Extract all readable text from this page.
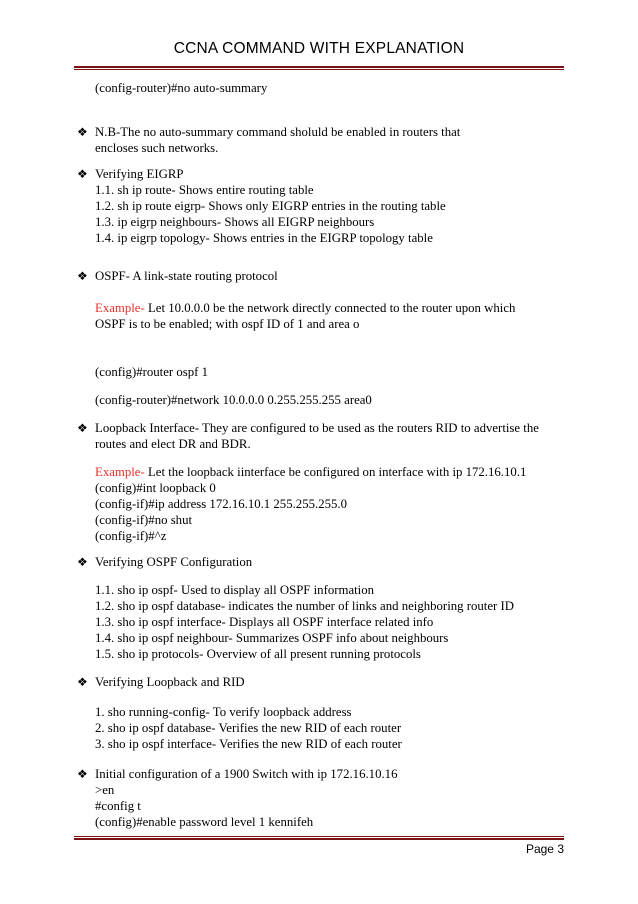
CCNA COMMAND WITH EXPLANATION
(config-router)#no auto-summary
❖ N.B-The no auto-summary command sholuld be enabled in routers that
encloses such networks.
❖ Verifying EIGRP
1.1. sh ip route- Shows entire routing table
1.2. sh ip route eigrp- Shows only EIGRP entries in the routing table
1.3. ip eigrp neighbours- Shows all EIGRP neighbours
1.4. ip eigrp topology- Shows entries in the EIGRP topology table
❖ OSPF- A link-state routing protocol
Example- Let 10.0.0.0 be the network directly connected to the router upon which
OSPF is to be enabled; with ospf ID of 1 and area o
(config)#router ospf 1
(config-router)#network 10.0.0.0 0.255.255.255 area0
❖ Loopback Interface- They are configured to be used as the routers RID to advertise the
routes and elect DR and BDR.
Example- Let the loopback iinterface be configured on interface with ip 172.16.10.1
(config)#int loopback 0
(config-if)#ip address 172.16.10.1 255.255.255.0
(config-if)#no shut
(config-if)#^z
❖ Verifying OSPF Configuration
1.1. sho ip ospf- Used to display all OSPF information
1.2. sho ip ospf database- indicates the number of links and neighboring router ID
1.3. sho ip ospf interface- Displays all OSPF interface related info
1.4. sho ip ospf neighbour- Summarizes OSPF info about neighbours
1.5. sho ip protocols- Overview of all present running protocols
❖ Verifying Loopback and RID
1. sho running-config- To verify loopback address
2. sho ip ospf database- Verifies the new RID of each router
3. sho ip ospf interface- Verifies the new RID of each router
❖ Initial configuration of a 1900 Switch with ip 172.16.10.16
>en
#config t
(config)#enable password level 1 kennifeh
Page 3
